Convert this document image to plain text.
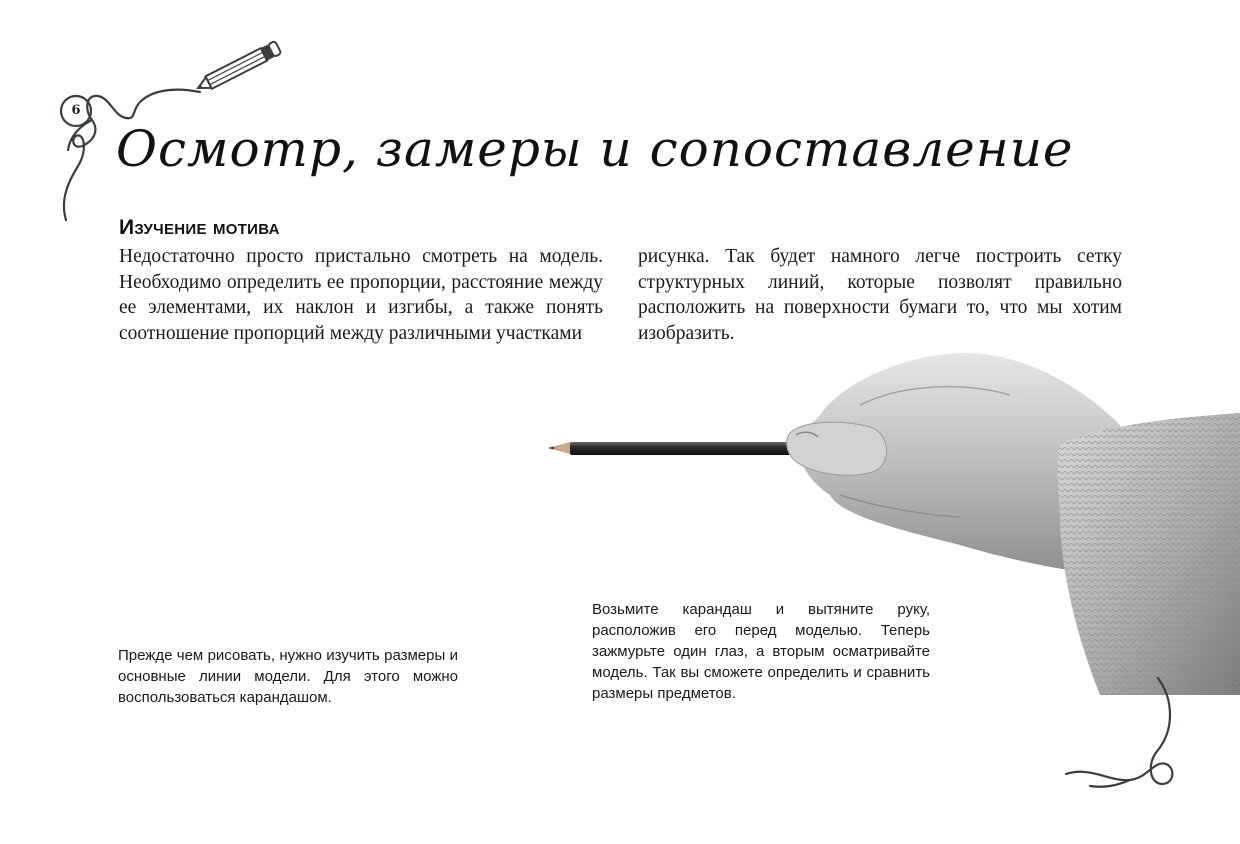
6
Осмотр, замеры и сопоставление
Изучение мотива
Недостаточно просто пристально смотреть на модель. Необходимо определить ее пропорции, расстояние между ее элементами, их наклон и изгибы, а также понять соотношение пропорций между различными участками
рисунка. Так будет намного легче построить сетку структурных линий, которые позволят правильно расположить на поверхности бумаги то, что мы хотим изобразить.
Прежде чем рисовать, нужно изучить размеры и основные линии модели. Для этого можно воспользоваться карандашом.
Возьмите карандаш и вытяните руку, расположив его перед моделью. Теперь зажмурьте один глаз, а вторым осматривайте модель. Так вы сможете определить и сравнить размеры предметов.
